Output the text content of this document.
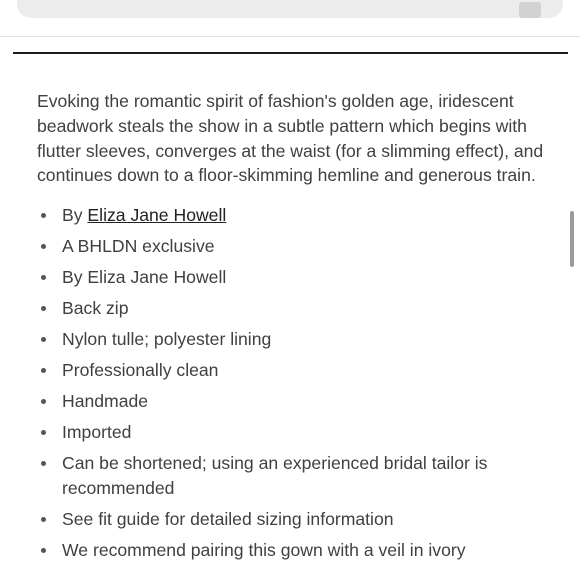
Evoking the romantic spirit of fashion's golden age, iridescent beadwork steals the show in a subtle pattern which begins with flutter sleeves, converges at the waist (for a slimming effect), and continues down to a floor-skimming hemline and generous train.

By Eliza Jane Howell
A BHLDN exclusive
By Eliza Jane Howell
Back zip
Nylon tulle; polyester lining
Professionally clean
Handmade
Imported
Can be shortened; using an experienced bridal tailor is recommended
See fit guide for detailed sizing information
We recommend pairing this gown with a veil in ivory
